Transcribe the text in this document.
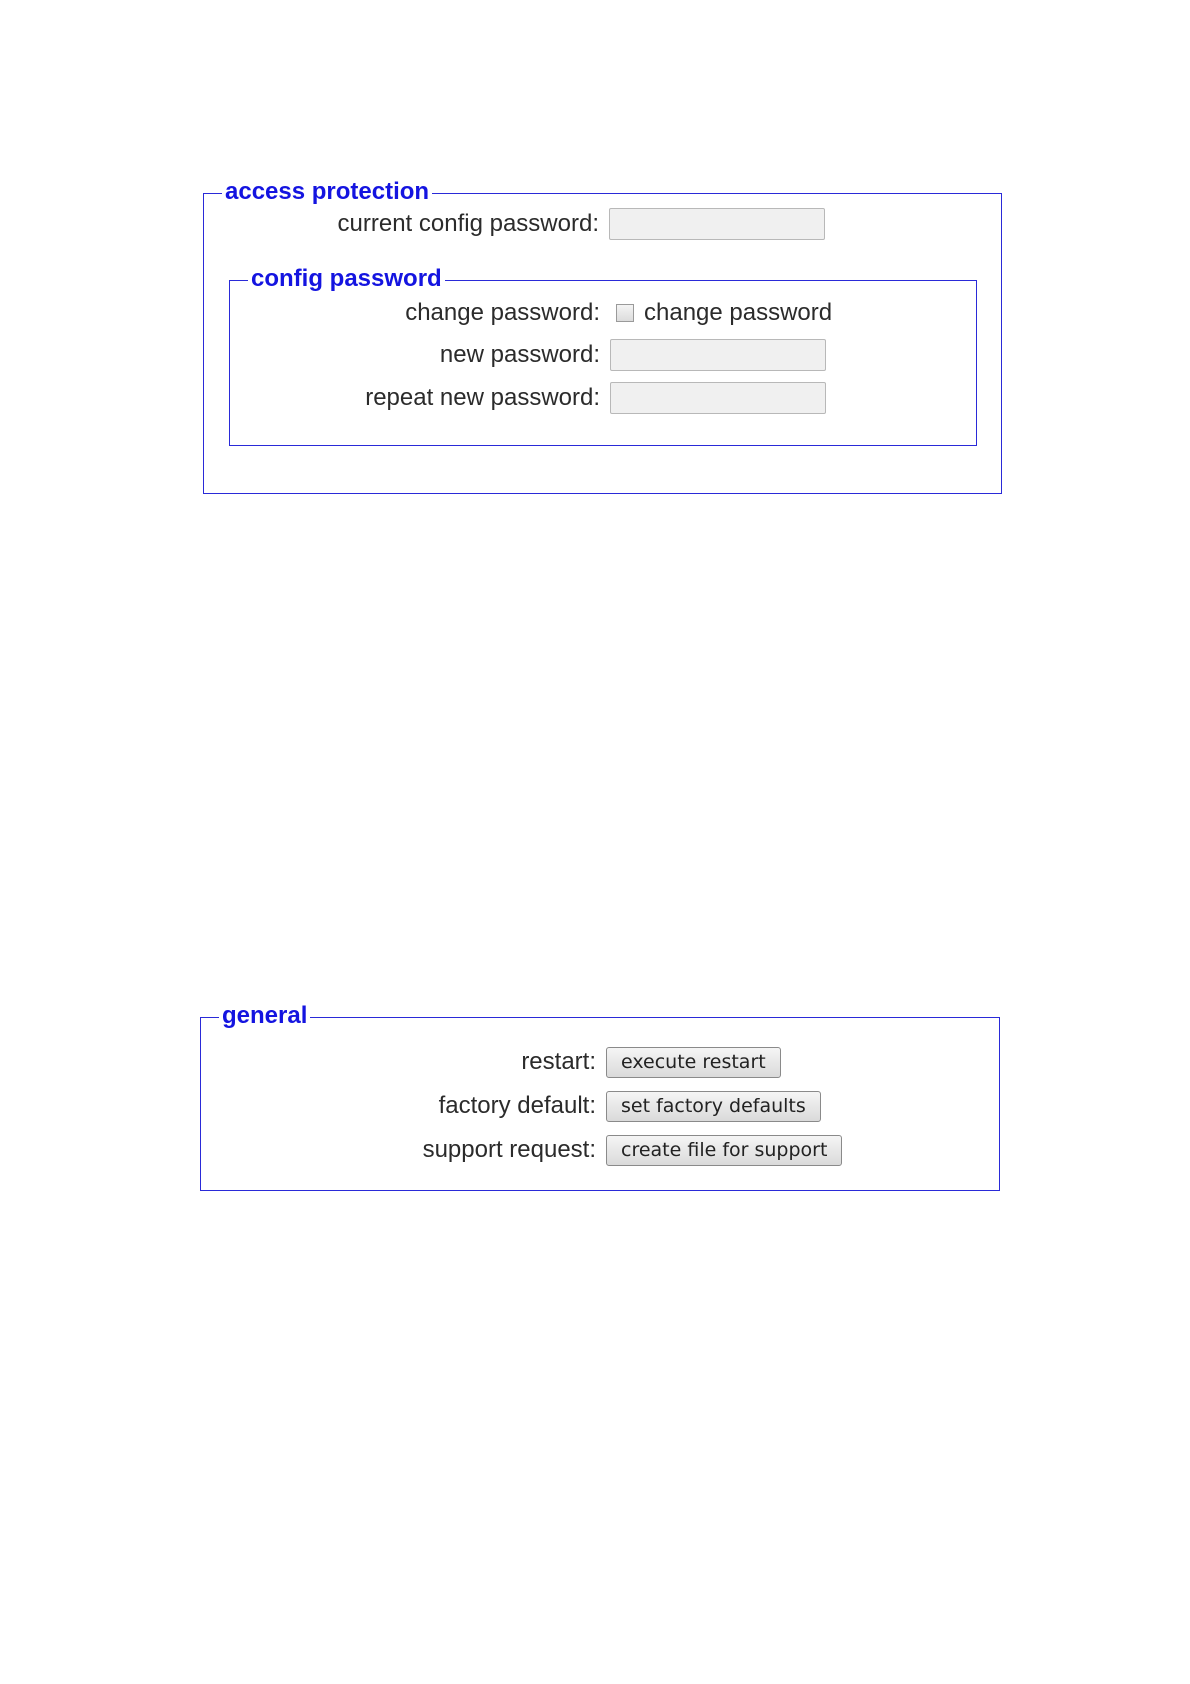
access protection
current config password:
config password
change password:	change password
new password:
repeat new password:
general
restart:	execute restart
factory default:	set factory defaults
support request:	create file for support
